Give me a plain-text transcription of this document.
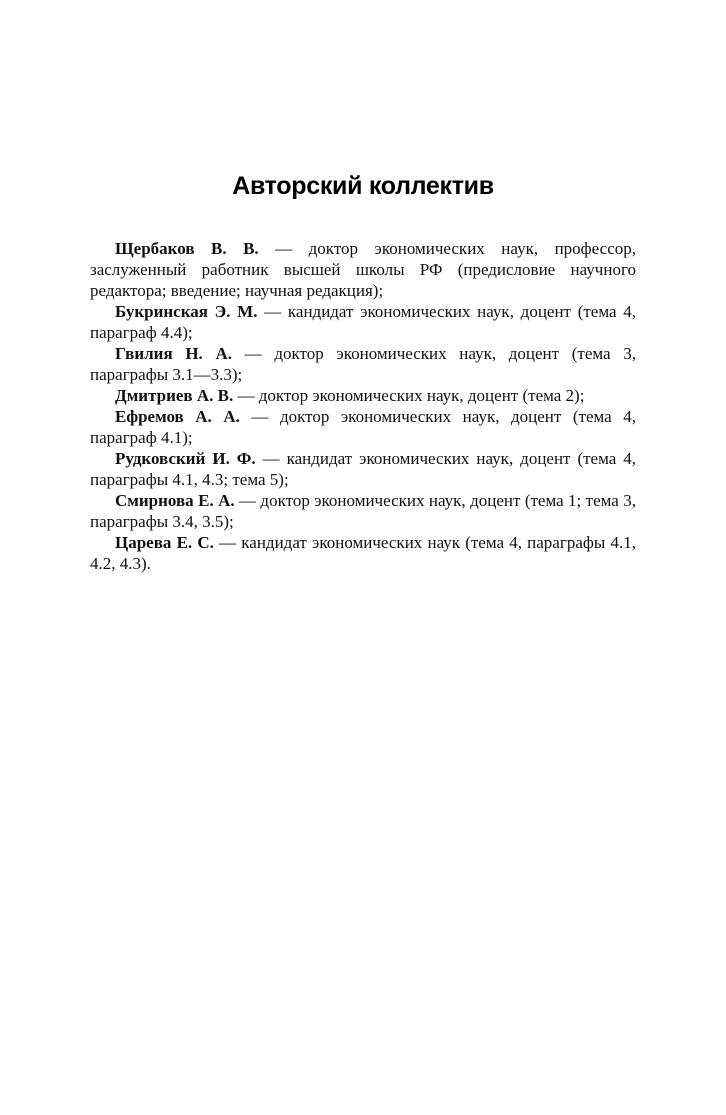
Авторский коллектив

Щербаков В. В. — доктор экономических наук, профессор, заслуженный работник высшей школы РФ (предисловие научного редактора; введение; научная редакция);

Букринская Э. М. — кандидат экономических наук, доцент (тема 4, параграф 4.4);

Гвилия Н. А. — доктор экономических наук, доцент (тема 3, параграфы 3.1—3.3);

Дмитриев А. В. — доктор экономических наук, доцент (тема 2);

Ефремов А. А. — доктор экономических наук, доцент (тема 4, параграф 4.1);

Рудковский И. Ф. — кандидат экономических наук, доцент (тема 4, параграфы 4.1, 4.3; тема 5);

Смирнова Е. А. — доктор экономических наук, доцент (тема 1; тема 3, параграфы 3.4, 3.5);

Царева Е. С. — кандидат экономических наук (тема 4, параграфы 4.1, 4.2, 4.3).
